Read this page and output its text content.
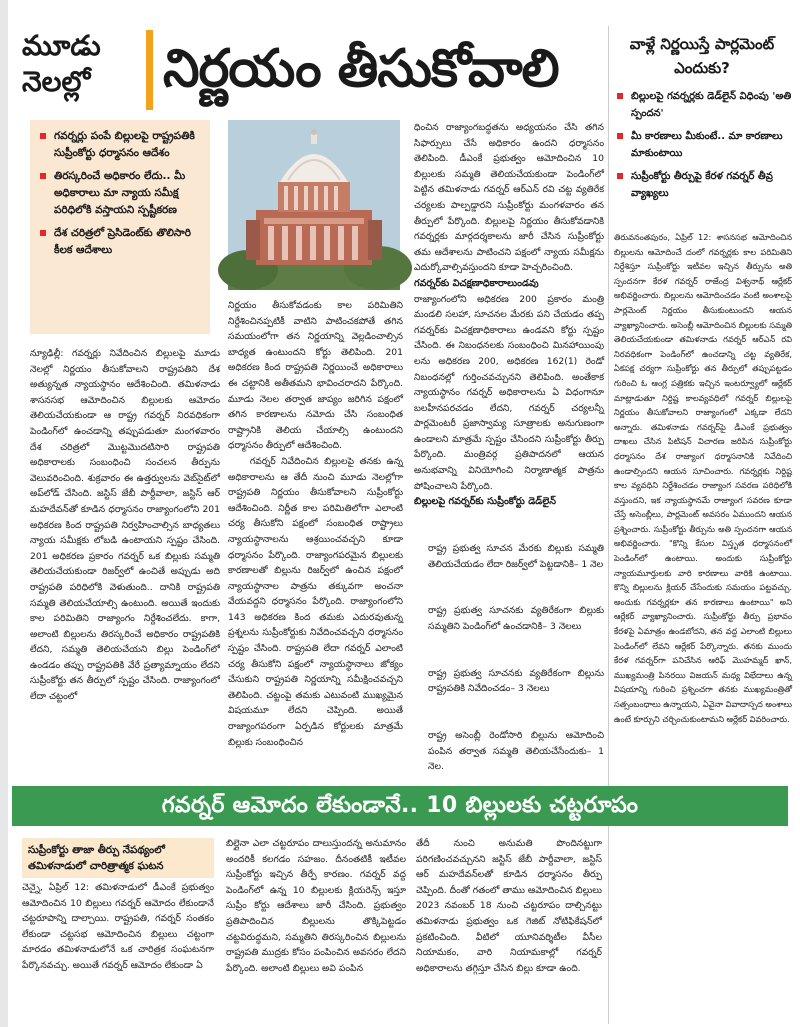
మూడు
నెలల్లో	నిర్ణయం తీసుకోవాలి	వాళ్లే నిర్ణయిస్తే పార్లమెంట్ ఎందుకు?
గవర్నర్లు పంపే బిల్లులపై రాష్ట్రపతికి సుప్రీంకోర్టు ధర్మాసనం ఆదేశం
తిరస్కరించే అధికారం లేదు.. మీ అధికారాలు మా న్యాయ సమీక్ష పరిధిలోకి వస్తాయని స్పష్టీకరణ
దేశ చరిత్రలో ప్రెసిడెంట్‌కు తొలిసారి కీలక ఆదేశాలు
న్యూఢిల్లీ: గవర్నర్లు నివేదించిన బిల్లులపై మూడు నెలల్లో నిర్ణయం తీసుకోవాలని రాష్ట్రపతిని దేశ అత్యున్నత న్యాయస్థానం ఆదేశించింది. తమిళనాడు శాసనసభ ఆమోదించిన బిల్లులకు ఆమోదం తెలియచేయకుండా ఆ రాష్ట్ర గవర్నర్ నిరవధికంగా పెండింగ్‌లో ఉంచడాన్ని తప్పుపడుతూ మంగళవారం దేశ చరిత్రలో మొట్టమొదటిసారి రాష్ట్రపతి అధికారాలకు సంబంధించి సంచలన తీర్పును వెలువరించింది. శుక్రవారం ఈ ఉత్తర్వులను వెబ్‌సైట్‌లో అప్‌లోడ్ చేసింది. జస్టిస్ జేబీ పార్దీవాలా, జస్టిస్ ఆర్ మహదేవన్‌తో కూడిన ధర్మాసనం రాజ్యాంగంలోని 201 అధికరణ కింద రాష్ట్రపతి నిర్వహించాల్సిన బాధ్యతలు న్యాయ సమీక్షకు లోబడి ఉంటాయని స్పష్టం చేసింది. 201 అధికరణ ప్రకారం గవర్నర్ ఒక బిల్లుకు సమ్మతి తెలియచేయకుండా రిజర్వ్‌లో ఉంచితే అప్పుడు అది రాష్ట్రపతి పరిధిలోకి వెళుతుంది.. దానికి రాష్ట్రపతి సమ్మతి తెలియచేయాల్సి ఉంటుంది. అయితే ఇందుకు కాల పరిమితిని రాజ్యాంగం నిర్దేశించలేదు. కాగా, అలాంటి బిల్లులను తిరస్కరించే అధికారం రాష్ట్రపతికి లేదని, సమ్మతి తెలియచేయని బిల్లు పెండింగ్‌లో ఉండడం తప్పు రాష్ట్రపతికి వేరే ప్రత్యామ్నాయం లేదని సుప్రీంకోర్టు తన తీర్పులో స్పష్టం చేసింది. రాజ్యాంగంలో లేదా చట్టంలో
నిర్ణయం తీసుకోవడంకు కాల పరిమితిని నిర్దేశించినప్పటికీ వాటిని పాటించకపోతే తగిన సమయంలోగా తన నిర్ణయాన్ని వెల్లడించాల్సిన బాధ్యత ఉంటుందని కోర్టు తెలిపింది. 201 అధికరణ కింద రాష్ట్రపతి నిర్ణయించే అధికారాలు ఈ చట్టానికి అతీతమని భావించరాదని పేర్కొంది. మూడు నెలల తర్వాత జాప్యం జరిగిన పక్షంలో తగిన కారణాలను నమోదు చేసి సంబంధిత రాష్ట్రానికి తెలియ చేయాల్సి ఉంటుందని ధర్మాసనం తీర్పులో ఆదేశించింది.
గవర్నర్ నివేదించిన బిల్లులపై తనకు ఉన్న అధికారాలను ఆ తేదీ నుంచి మూడు నెలల్లోగా రాష్ట్రపతి నిర్ణయం తీసుకోవాలని సుప్రీంకోర్టు ఆదేశించింది. నిర్ణీత కాల పరిమితిలోగా ఎలాంటి చర్య తీసుకోని పక్షంలో సంబంధిత రాష్ట్రాలు న్యాయస్థానాలను ఆశ్రయించవచ్చని కూడా ధర్మాసనం పేర్కొంది. రాజ్యాంగపరమైన బిల్లులకు కారణాలతో బిల్లును రిజర్వ్‌లో ఉంచిన పక్షంలో న్యాయస్థానాల పాత్రను తక్కువగా అంచనా వేయవద్దని ధర్మాసనం పేర్కొంది. రాజ్యాంగంలోని 143 అధికరణ కింద తమకు ఎదురవుతున్న ప్రశ్నలను సుప్రీంకోర్టుకు నివేదించవచ్చని ధర్మాసనం స్పష్టం చేసింది. రాష్ట్రపతి లేదా గవర్నర్ ఎలాంటి చర్య తీసుకోని పక్షంలో న్యాయస్థానాలు జోక్యం చేసుకుని రాష్ట్రపతి నిర్ణయాన్ని సమీక్షించవచ్చని తెలిపింది. చట్టంపై తమకు ఎటువంటి ముఖ్యమైన విషయమూ లేదని చెప్పింది. అయితే రాజ్యాంగపరంగా ఏర్పడిన కోర్టులకు మాత్రమే బిల్లుకు సంబంధించిన
ధించిన రాజ్యాంగబద్ధతను అధ్యయనం చేసి తగిన సిఫార్సులు చేసే అధికారం ఉందని ధర్మాసనం తెలిపింది. డీఎంకే ప్రభుత్వం ఆమోదించిన 10 బిల్లులకు సమ్మతి తెలియచేయకుండా పెండింగ్‌లో పెట్టిన తమిళనాడు గవర్నర్ ఆర్ఎన్ రవి చట్ట వ్యతిరేక చర్యలకు పాల్పడ్డారని సుప్రీంకోర్టు మంగళవారం తన తీర్పులో పేర్కొంది. బిల్లులపై నిర్ణయం తీసుకోవడానికి గవర్నర్లకు మార్గదర్శకాలను జారీ చేసిన సుప్రీంకోర్టు తమ ఆదేశాలను పాటించని పక్షంలో న్యాయ సమీక్షను ఎదుర్కోవాల్సివస్తుందని కూడా హెచ్చరించింది.
గవర్నర్‌కు విచక్షణాధికారాలుండవు
రాజ్యాంగంలోని అధికరణ 200 ప్రకారం మంత్రి మండలి సలహా, సూచనల మేరకు పని చేయడం తప్ప గవర్నర్‌కు విచక్షణాధికారాలు ఉండవని కోర్టు స్పష్టం చేసింది. ఈ నిబంధనలకు సంబంధించి మినహాయింపు లను అధికరణ 200, అధికరణ 162(1) రెండో నిబంధనల్లో గుర్తించవచ్చునని తెలిపింది. అంతేకాక న్యాయస్థానం గవర్నర్ అధికారాలను ఏ విధంగానూ బలహీనపరచడం లేదని, గవర్నర్ చర్యలన్నీ పార్లమెంటరీ ప్రజాస్వామ్య సూత్రాలకు అనుగుణంగా ఉండాలని మాత్రమే స్పష్టం చేసిందని సుప్రీంకోర్టు తీర్పు పేర్కొంది. మంత్రివర్గ ప్రతిపాదనలో ఆయన అనుభవాన్ని వినియోగించి నిర్మాణాత్మక పాత్రను పోషించాలని పేర్కొంది.
బిల్లులపై గవర్నర్‌కు సుప్రీంకోర్టు డెడ్‌లైన్

రాష్ట్ర ప్రభుత్వ సూచన మేరకు బిల్లుకు సమ్మతి తెలియచేయడం లేదా రిజర్వ్‌లో పెట్టడానికి– 1 నెల

రాష్ట్ర ప్రభుత్వ సూచనకు వ్యతిరేకంగా బిల్లుకు సమ్మతిని పెండింగ్‌లో ఉంచడానికి– 3 నెలలు

రాష్ట్ర ప్రభుత్వ సూచనకు వ్యతిరేకంగా బిల్లును రాష్ట్రపతికి నివేదించడం– 3 నెలలు

రాష్ట్ర అసెంబ్లీ రెండోసారి బిల్లును ఆమోదించి పంపిన తర్వాత సమ్మతి తెలియచేసేందుకు– 1 నెల.

బిల్లులపై గవర్నర్లకు డెడ్‌లైన్ విధింపు 'అతి స్పందన'
మీ కారణాలు మీకుంటే.. మా కారణాలు మాకుంటాయి
సుప్రీంకోర్టు తీర్పుపై కేరళ గవర్నర్ తీవ్ర వ్యాఖ్యలు
తిరువనంతపురం, ఏప్రిల్ 12: శాసనసభ ఆమోదించిన బిల్లులను ఆమోదించే దంలో గవర్నర్లకు కాల పరిమితిని నిర్దేశిస్తూ సుప్రీంకోర్టు ఇటీవల ఇచ్చిన తీర్పును అతి స్పందనగా కేరళ గవర్నర్ రాజేంద్ర విశ్వనాథ్ ఆర్లేకర్ అభివర్ణించారు. బిల్లులను ఆమోదించడం వంటి అంశాలపై పార్లమెంట్ నిర్ణయం తీసుకుంటుందని ఆయన వ్యాఖ్యానించారు. అసెంబ్లీ ఆమోదించిన బిల్లులకు సమ్మతి తెలియచేయకుండా తమిళనాడు గవర్నర్ ఆర్ఎన్ రవి నిరవధికంగా పెండింగ్‌లో ఉంచడాన్ని చట్ట వ్యతిరేక, ఏకపక్ష చర్యగా సుప్రీంకోర్టు తన తీర్పులో తప్పుపట్టడం గురించి ఓ ఆంగ్ల పత్రికకు ఇచ్చిన ఇంటర్వ్యూలో ఆర్లేకర్ మాట్లాడుతూ నిర్దిష్ట కాలవ్యవధిలో గవర్నర్ బిల్లులపై నిర్ణయం తీసుకోవాలని రాజ్యాంగంలో ఎక్కడా లేదని అన్నారు. తమిళనాడు గవర్నర్‌పై డీఎంకే ప్రభుత్వం దాఖలు చేసిన పిటిషన్‌ విచారణ జరిపిన సుప్రీంకోర్టు ధర్మాసనం దేశ రాజ్యాంగ ధర్మాసనానికి నివేదించి ఉండాల్సిందని ఆయన సూచించారు. గవర్నర్లకు నిర్దిష్ట కాల వ్యవధిని నిర్దేశించడం రాజ్యాంగ సవరణ పరిధిలోకి వస్తుందని, ఇక న్యాయస్థానమే రాజ్యాంగ సవరణ కూడా చేస్తే అసెంబ్లీలు, పార్లమెంట్ అవసరం ఏముందని ఆయన ప్రశ్నించారు. సుప్రీంకోర్టు తీర్పును అతి స్పందనగా ఆయన అభివర్ణించారు. "కొన్ని కేసుల విస్తృత ధర్మాసనంలో పెండింగ్‌లో ఉంటాయి. అందుకు సుప్రీంకోర్టు న్యాయమూర్తులకు వారి కారణాలు వారికి ఉంటాయి. కొన్ని బిల్లులను క్లియర్ చేసేందుకు సమయం పట్టవచ్చు. అందుకు గవర్నర్లకూ తన కారణాలు ఉంటాయి" అని ఆర్లేకర్ వ్యాఖ్యానించారు. సుప్రీంకోర్టు తీర్పు ప్రభావం కేరళపై ఏమాత్రం ఉండబోదని, తన వద్ద ఎలాంటి బిల్లులు పెండింగ్‌లో లేవని ఆర్లేకర్ పేర్కొన్నారు. తనకు ముందు కేరళ గవర్నర్‌గా పనిచేసిన ఆరిఫ్ మొహమ్మద్ ఖాన్, ముఖ్యమంత్రి పినరయి విజయన్‌ మధ్య విభేదాలు ఉన్న విషయాన్ని గురించి ప్రశ్నించగా తనకు ముఖ్యమంత్రితో సత్సంబంధాలు ఉన్నాయని, ఏవైనా వివాదాస్పద అంశాలు ఉంటే కూర్చుని చర్చించుకుంటామని ఆర్లేకర్ వివరించారు.
గవర్నర్ ఆమోదం లేకుండానే.. 10 బిల్లులకు చట్టరూపం
సుప్రీంకోర్టు తాజా తీర్పు నేపథ్యంలో తమిళనాడులో చారిత్రాత్మక ఘటన
చెన్నై, ఏప్రిల్ 12: తమిళనాడులో డీఎంకే ప్రభుత్వం ఆమోదించిన 10 బిల్లులు గవర్నర్ ఆమోదం లేకుండానే చట్టరూపాన్ని దాల్చాయి. రాష్ట్రపతి, గవర్నర్ సంతకం లేకుండా చట్టసభ ఆమోదించిన బిల్లులు చట్టంగా మారడం తమిళనాడులోనే ఒక చారిత్రక సంఘటనగా పేర్కొనవచ్చు. అయితే గవర్నర్ ఆమోదం లేకుండా ఏ
బిల్లైనా ఎలా చట్టరూపం దాలుస్తుందన్న అనుమానం అందరికీ కలగడం సహజం. దీనంతటికీ ఇటీవల సుప్రీంకోర్టు ఇచ్చిన తీర్పే కారణం. గవర్నర్ వద్ద పెండింగ్‌లో ఉన్న 10 బిల్లులకు క్లియరెన్స్ ఇస్తూ సుప్రీం కోర్టు ఆదేశాలు జారీ చేసింది. ప్రభుత్వం ప్రతిపాదించిన బిల్లులను తొక్కిపెట్టడం చట్టవిరుద్ధమని, సమ్మతిని తిరస్కరించిన బిల్లులను రాష్ట్రపతి ముద్రకు కోసం పంపించిన అవసరం లేదని పేర్కొంది. అలాంటి బిల్లులు అవి పంపిన
తేదీ నుంచి అనుమతి పొందినట్టుగా పరిగణించవచ్చునని జస్టిస్ జేబీ పార్దీవాలా, జస్టిస్ ఆర్ మహదేవన్‌లతో కూడిన ధర్మాసనం తీర్పు చెప్పింది. దీంతో గతంలో తాము ఆమోదించిన బిల్లులు 2023 నవంబర్ 18 నుంచి చట్టరూపం దాల్చినట్టు తమిళనాడు ప్రభుత్వం ఒక గెజిట్ నోటిఫికేషన్‌లో ప్రకటించింది. వీటిలో యూనివర్శిటీల వీసీల నియామకం, వారి నియామకాల్లో గవర్నర్ అధికారాలను తగ్గిస్తూ చేసిన బిల్లు కూడా ఉంది.
